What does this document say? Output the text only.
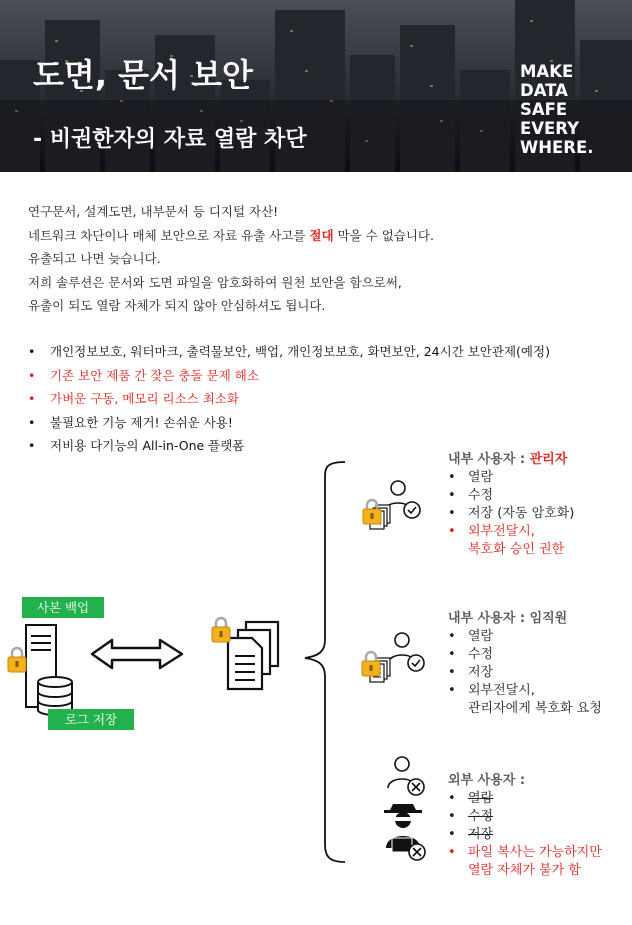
도면, 문서 보안
- 비권한자의 자료 열람 차단
MAKE
DATA
SAFE
EVERY
WHERE.
연구문서, 설계도면, 내부문서 등 디지털 자산!
네트워크 차단이나 매체 보안으로 자료 유출 사고를 절대 막을 수 없습니다.
유출되고 나면 늦습니다.
저희 솔루션은 문서와 도면 파일을 암호화하여 원천 보안을 함으로써,
유출이 되도 열람 자체가 되지 않아 안심하셔도 됩니다.
• 개인정보보호, 워터마크, 출력물보안, 백업, 개인정보보호, 화면보안, 24시간 보안관제(예정)
• 기존 보안 제품 간 잦은 충돌 문제 해소
• 가벼운 구동, 메모리 리소스 최소화
• 불필요한 기능 제거! 손쉬운 사용!
• 저비용 다기능의 All-in-One 플랫폼
사본 백업
로그 저장
내부 사용자 : 관리자
• 열람
• 수정
• 저장 (자동 암호화)
• 외부전달시,
복호화 승인 권한
내부 사용자 : 임직원
• 열람
• 수정
• 저장
• 외부전달시,
관리자에게 복호화 요청
외부 사용자 :
• 열람
• 수정
• 저장
• 파일 복사는 가능하지만
열람 자체가 불가 함
